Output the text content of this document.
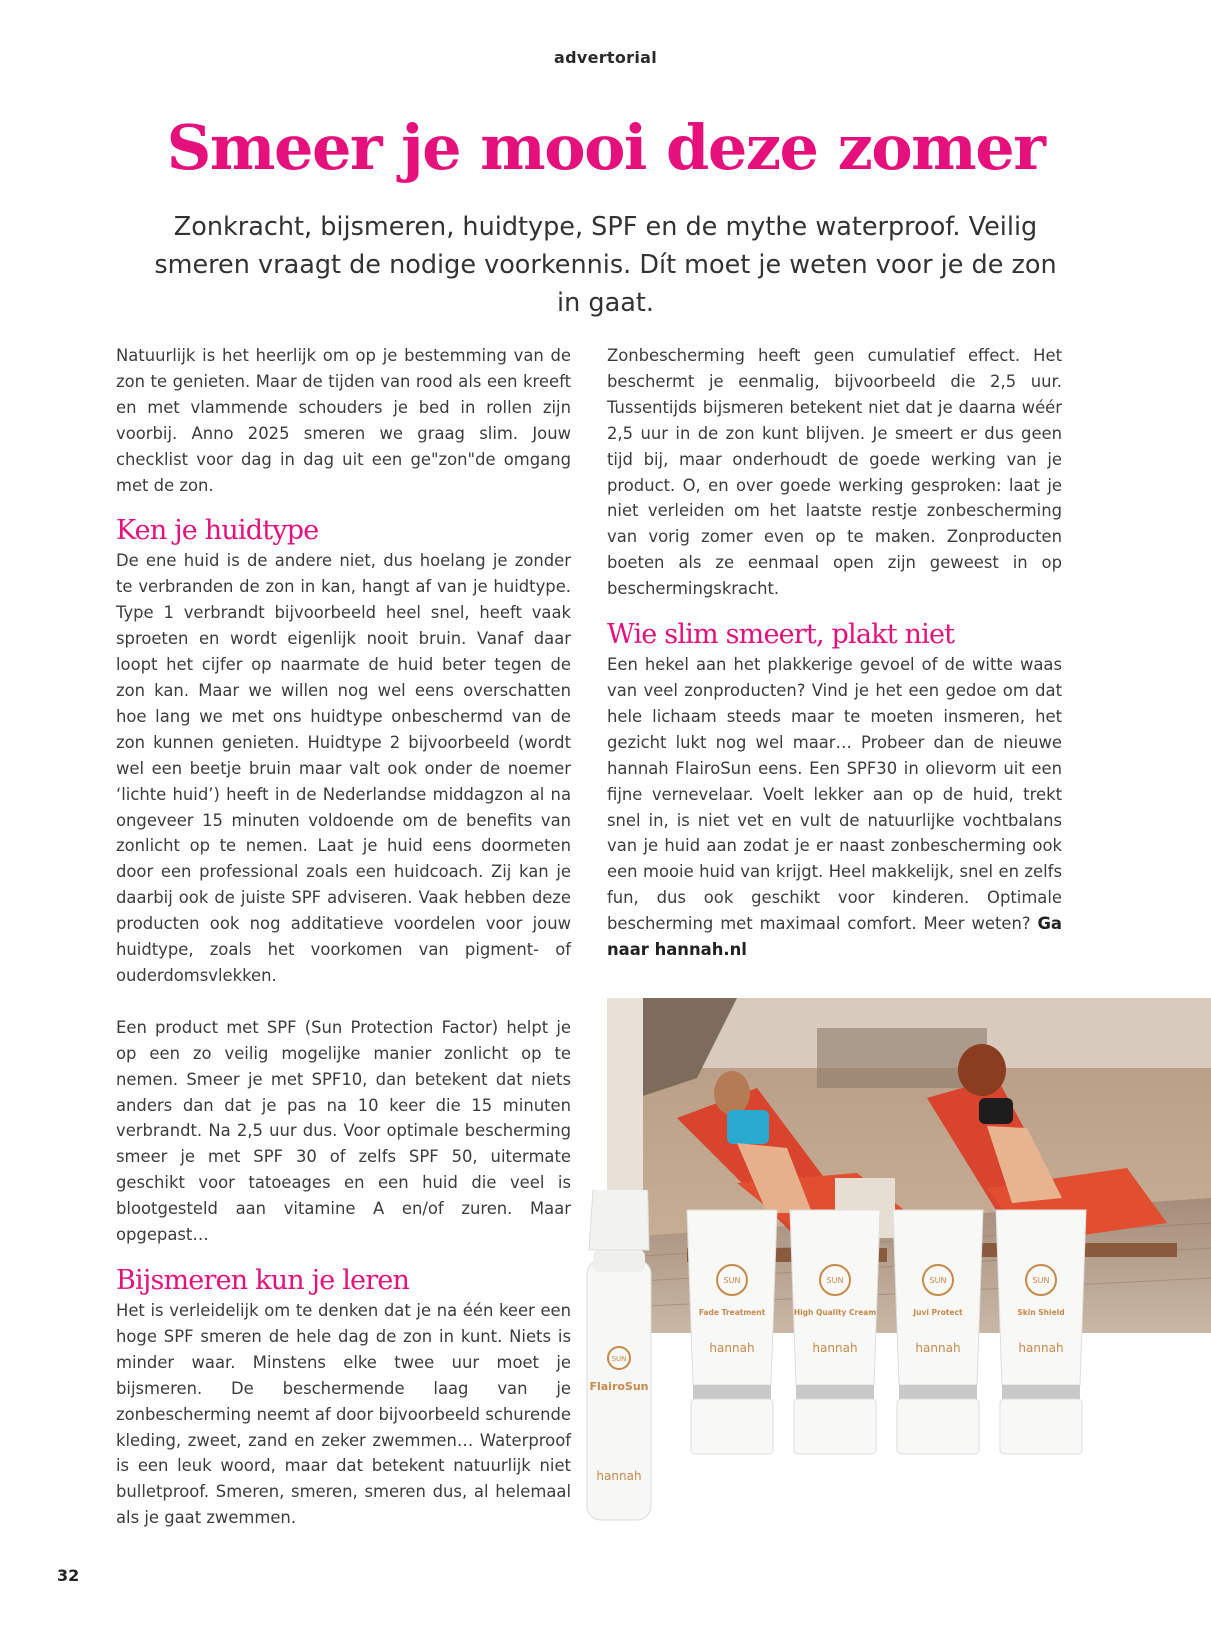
advertorial
Smeer je mooi deze zomer

Zonkracht, bijsmeren, huidtype, SPF en de mythe waterproof. Veilig smeren vraagt de nodige voorkennis. Dít moet je weten voor je de zon in gaat.

Natuurlijk is het heerlijk om op je bestemming van de zon te genieten. Maar de tijden van rood als een kreeft en met vlammende schouders je bed in rollen zijn voorbij. Anno 2025 smeren we graag slim. Jouw checklist voor dag in dag uit een ge"zon"de omgang met de zon.

Ken je huidtype

De ene huid is de andere niet, dus hoelang je zonder te verbranden de zon in kan, hangt af van je huidtype. Type 1 verbrandt bijvoorbeeld heel snel, heeft vaak sproeten en wordt eigenlijk nooit bruin. Vanaf daar loopt het cijfer op naarmate de huid beter tegen de zon kan. Maar we willen nog wel eens overschatten hoe lang we met ons huidtype onbeschermd van de zon kunnen genieten. Huidtype 2 bijvoorbeeld (wordt wel een beetje bruin maar valt ook onder de noemer ‘lichte huid’) heeft in de Nederlandse middagzon al na ongeveer 15 minuten voldoende om de benefits van zonlicht op te nemen. Laat je huid eens doormeten door een professional zoals een huidcoach. Zij kan je daarbij ook de juiste SPF adviseren. Vaak hebben deze producten ook nog additatieve voordelen voor jouw huidtype, zoals het voorkomen van pigment- of ouderdomsvlekken.

Een product met SPF (Sun Protection Factor) helpt je op een zo veilig mogelijke manier zonlicht op te nemen. Smeer je met SPF10, dan betekent dat niets anders dan dat je pas na 10 keer die 15 minuten verbrandt. Na 2,5 uur dus. Voor optimale bescherming smeer je met SPF 30 of zelfs SPF 50, uitermate geschikt voor tatoeages en een huid die veel is blootgesteld aan vitamine A en/of zuren. Maar opgepast…

Bijsmeren kun je leren

Het is verleidelijk om te denken dat je na één keer een hoge SPF smeren de hele dag de zon in kunt. Niets is minder waar. Minstens elke twee uur moet je bijsmeren. De beschermende laag van je zonbescherming neemt af door bijvoorbeeld schurende kleding, zweet, zand en zeker zwemmen… Waterproof is een leuk woord, maar dat betekent natuurlijk niet bulletproof. Smeren, smeren, smeren dus, al helemaal als je gaat zwemmen.

Zonbescherming heeft geen cumulatief effect. Het beschermt je eenmalig, bijvoorbeeld die 2,5 uur. Tussentijds bijsmeren betekent niet dat je daarna wéér 2,5 uur in de zon kunt blijven. Je smeert er dus geen tijd bij, maar onderhoudt de goede werking van je product. O, en over goede werking gesproken: laat je niet verleiden om het laatste restje zonbescherming van vorig zomer even op te maken. Zonproducten boeten als ze eenmaal open zijn geweest in op beschermingskracht.

Wie slim smeert, plakt niet

Een hekel aan het plakkerige gevoel of de witte waas van veel zonproducten? Vind je het een gedoe om dat hele lichaam steeds maar te moeten insmeren, het gezicht lukt nog wel maar… Probeer dan de nieuwe hannah FlairoSun eens. Een SPF30 in olievorm uit een fijne vernevelaar. Voelt lekker aan op de huid, trekt snel in, is niet vet en vult de natuurlijke vochtbalans van je huid aan zodat je er naast zonbescherming ook een mooie huid van krijgt. Heel makkelijk, snel en zelfs fun, dus ook geschikt voor kinderen. Optimale bescherming met maximaal comfort. Meer weten? Ga naar hannah.nl

SUN
FlairoSun
hannah
SUN
Fade Treatment
hannah
SUN
High Quality Cream
hannah
SUN
Juvi Protect
hannah
SUN
Skin Shield
hannah
32
